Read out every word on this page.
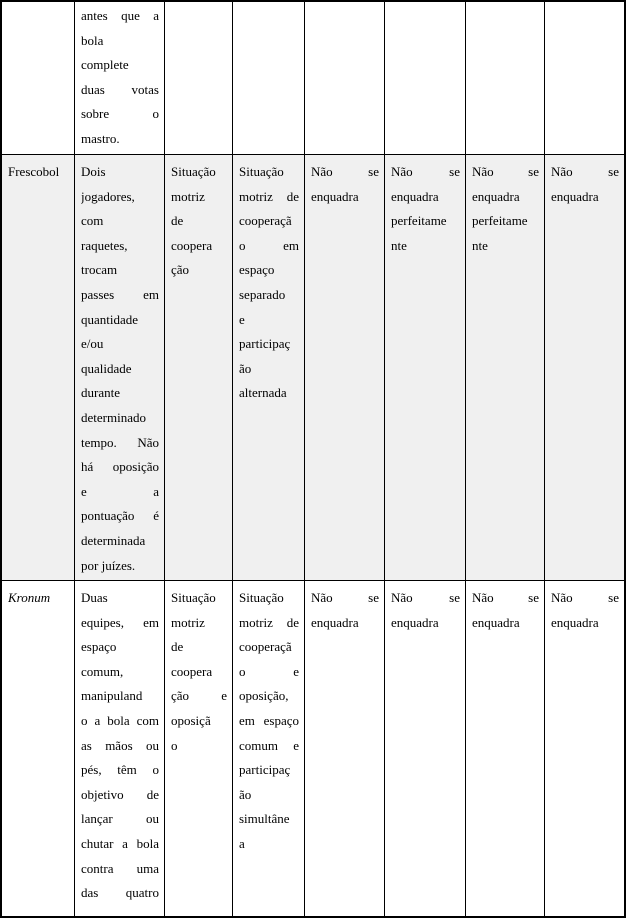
antes que a
bola
complete
duas votas
sobre o
mastro.
Frescobol	Dois
jogadores,
com
raquetes,
trocam
passes em
quantidade
e/ou
qualidade
durante
determinado
tempo. Não
há oposição
e a
pontuação é
determinada
por juízes.
Situação
motriz
de
coopera
ção
Situação
motriz de
cooperaçã
o em
espaço
separado
e
participaç
ão
alternada
Não se
enquadra
Não se
enquadra
perfeitame
nte
Não se
enquadra
perfeitame
nte
Não se
enquadra
Kronum	Duas
equipes, em
espaço
comum,
manipuland
o a bola com
as mãos ou
pés, têm o
objetivo de
lançar ou
chutar a bola
contra uma
das quatro
Situação
motriz
de
coopera
ção e
oposiçã
o
Situação
motriz de
cooperaçã
o e
oposição,
em espaço
comum e
participaç
ão
simultâne
a
Não se
enquadra
Não se
enquadra
Não se
enquadra
Não se
enquadra
